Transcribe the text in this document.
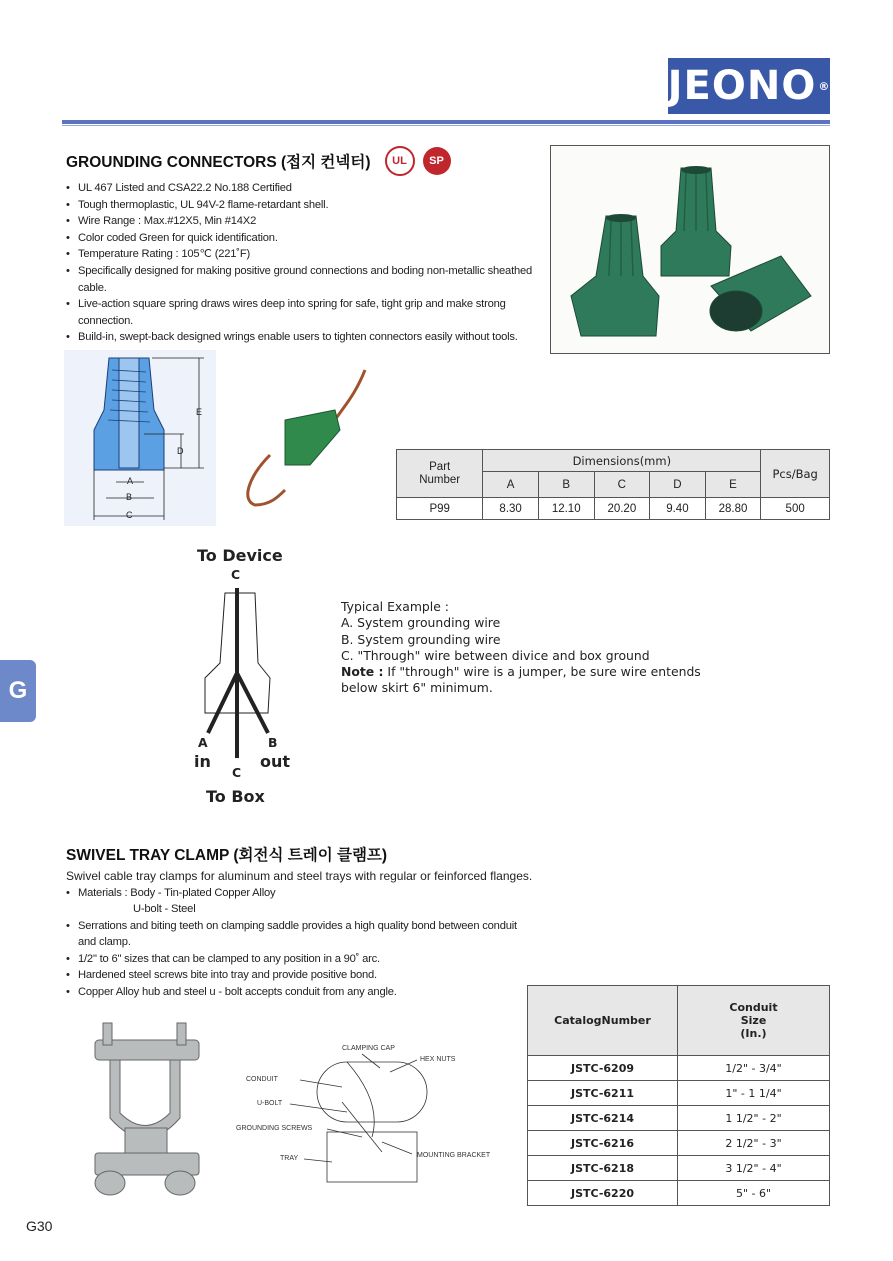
JEONO ®
GROUNDING CONNECTORS (접지 컨넥터) UL SP
• UL 467 Listed and CSA22.2 No.188 Certified
• Tough thermoplastic, UL 94V-2 flame-retardant shell.
• Wire Range : Max.#12X5, Min #14X2
• Color coded Green for quick identification.
• Temperature Rating : 105℃ (221˚F)
• Specifically designed for making positive ground connections and boding non-metallic sheathed cable.
• Live-action square spring draws wires deep into spring for safe, tight grip and make strong connection.
• Build-in, swept-back designed wrings enable users to tighten connectors easily without tools.
E
D
A
B
C
Part
Number	Dimensions(mm)					Pcs/Bag
	A	B	C	D	E	
P99	8.30	12.10	20.20	9.40	28.80	500
G
To Device
C
A	B
in	out
C
To Box
Typical Example :
A. System grounding wire
B. System grounding wire
C. "Through" wire between divice and box ground
Note : If "through" wire is a jumper, be sure wire entends
below skirt 6" minimum.
SWIVEL TRAY CLAMP (회전식 트레이 클램프)
Swivel cable tray clamps for aluminum and steel trays with regular or feinforced flanges.
• Materials : Body - Tin-plated Copper Alloy
U-bolt - Steel
• Serrations and biting teeth on clamping saddle provides a high quality bond between conduit and clamp.
• 1/2" to 6" sizes that can be clamped to any position in a 90˚ arc.
• Hardened steel screws bite into tray and provide positive bond.
• Copper Alloy hub and steel u - bolt accepts conduit from any angle.
CLAMPING CAP
HEX NUTS
CONDUIT
U-BOLT
GROUNDING SCREWS
TRAY	MOUNTING BRACKET
CatalogNumber	Conduit
Size
(In.)
JSTC-6209	1/2" - 3/4"
JSTC-6211	1" - 1 1/4"
JSTC-6214	1 1/2" - 2"
JSTC-6216	2 1/2" - 3"
JSTC-6218	3 1/2" - 4"
JSTC-6220	5" - 6"
G30
